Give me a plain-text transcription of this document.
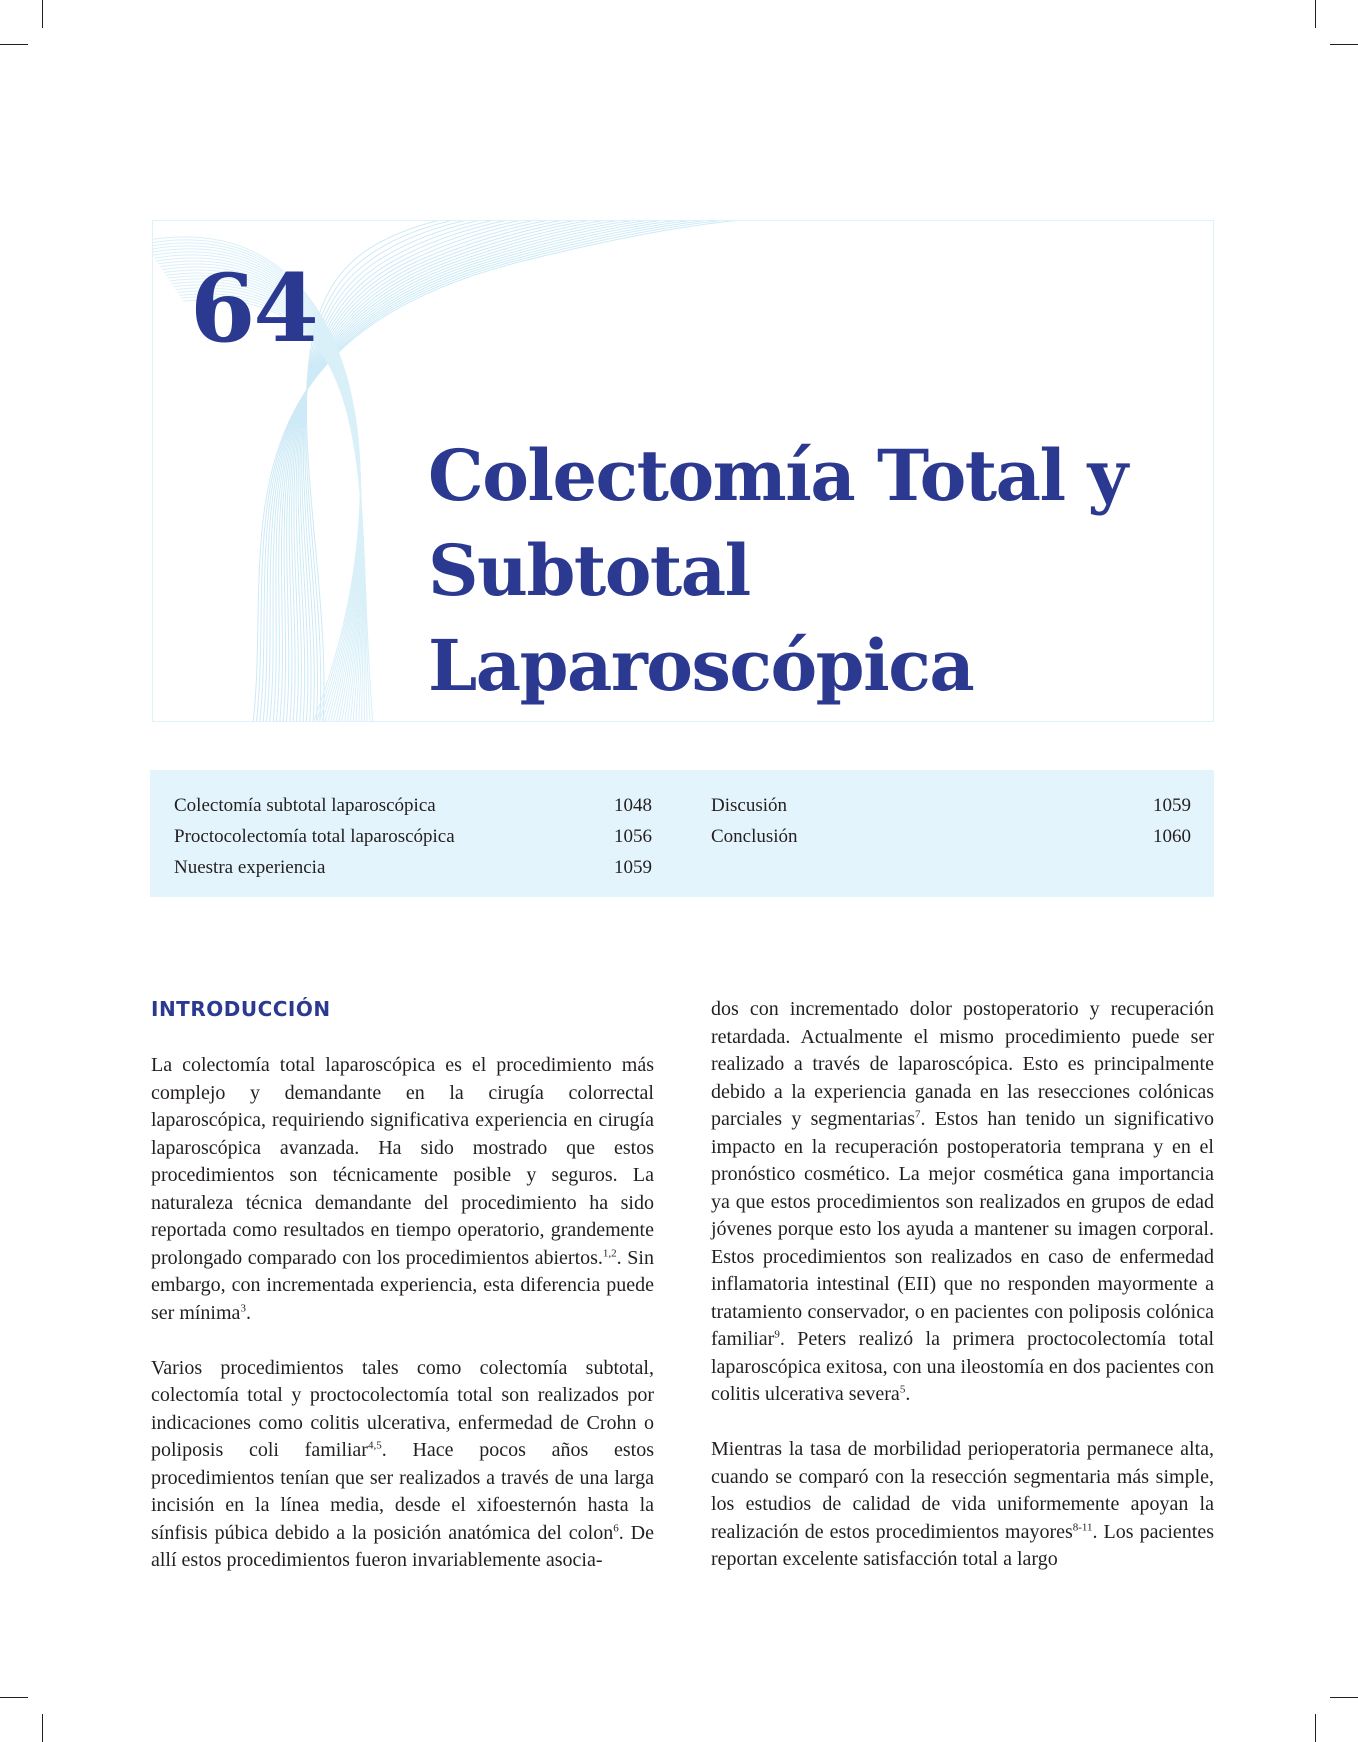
64
Colectomía Total y
Subtotal Laparoscópica
Colectomía subtotal laparoscópica	1048
Proctocolectomía total laparoscópica	1056
Nuestra experiencia	1059
Discusión	1059
Conclusión	1060
INTRODUCCIÓN

La colectomía total laparoscópica es el procedimiento más complejo y demandante en la cirugía colorrectal laparoscópica, requiriendo significativa experiencia en cirugía laparoscópica avanzada. Ha sido mostrado que estos procedimientos son técnicamente posible y seguros. La naturaleza técnica demandante del procedimiento ha sido reportada como resultados en tiempo operatorio, grandemente prolongado comparado con los procedimientos abiertos.$^{1,2}$. Sin embargo, con incrementada experiencia, esta diferencia puede ser mínima$^3$.

Varios procedimientos tales como colectomía subtotal, colectomía total y proctocolectomía total son realizados por indicaciones como colitis ulcerativa, enfermedad de Crohn o poliposis coli familiar$^{4,5}$. Hace pocos años estos procedimientos tenían que ser realizados a través de una larga incisión en la línea media, desde el xifoesternón hasta la sínfisis púbica debido a la posición anatómica del colon$^6$. De allí estos procedimientos fueron invariablemente asocia-

dos con incrementado dolor postoperatorio y recuperación retardada. Actualmente el mismo procedimiento puede ser realizado a través de laparoscópica. Esto es principalmente debido a la experiencia ganada en las resecciones colónicas parciales y segmentarias$^7$. Estos han tenido un significativo impacto en la recuperación postoperatoria temprana y en el pronóstico cosmético. La mejor cosmética gana importancia ya que estos procedimientos son realizados en grupos de edad jóvenes porque esto los ayuda a mantener su imagen corporal. Estos procedimientos son realizados en caso de enfermedad inflamatoria intestinal (EII) que no responden mayormente a tratamiento conservador, o en pacientes con poliposis colónica familiar$^9$. Peters realizó la primera proctocolectomía total laparoscópica exitosa, con una ileostomía en dos pacientes con colitis ulcerativa severa$^5$.

Mientras la tasa de morbilidad perioperatoria permanece alta, cuando se comparó con la resección segmentaria más simple, los estudios de calidad de vida uniformemente apoyan la realización de estos procedimientos mayores$^{8-11}$. Los pacientes reportan excelente satisfacción total a largo
